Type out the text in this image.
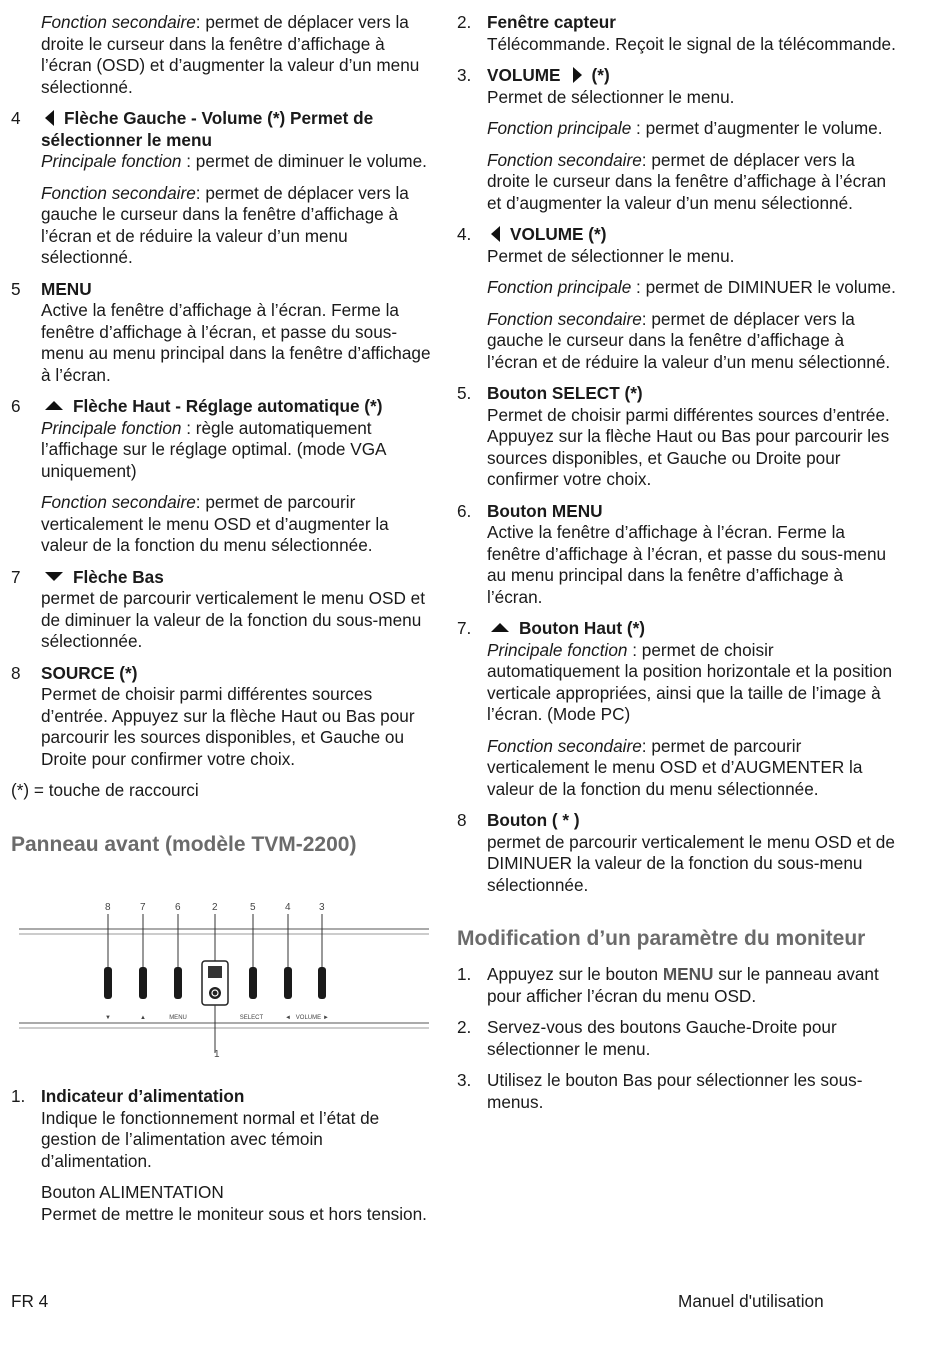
Fonction secondaire: permet de déplacer vers la droite le curseur dans la fenêtre d’affichage à l’écran (OSD) et d’augmenter la valeur d’un menu sélectionné.
4	Flèche Gauche - Volume (*) Permet de sélectionner le menu
Principale fonction : permet de diminuer le volume.
Fonction secondaire: permet de déplacer vers la gauche le curseur dans la fenêtre d’affichage à l’écran et de réduire la valeur d’un menu sélectionné.
5 MENU
Active la fenêtre d’affichage à l’écran. Ferme la fenêtre d’affichage à l’écran, et passe du sous-menu au menu principal dans la fenêtre d’affichage à l’écran.
6	Flèche Haut - Réglage automatique (*)
Principale fonction : règle automatiquement l’affichage sur le réglage optimal. (mode VGA uniquement)
Fonction secondaire: permet de parcourir verticalement le menu OSD et d’augmenter la valeur de la fonction du menu sélectionnée.
7	Flèche Bas
permet de parcourir verticalement le menu OSD et de diminuer la valeur de la fonction du sous-menu sélectionnée.
8 SOURCE (*)
Permet de choisir parmi différentes sources d’entrée. Appuyez sur la flèche Haut ou Bas pour parcourir les sources disponibles, et Gauche ou Droite pour confirmer votre choix.
(*) = touche de raccourci
Panneau avant (modèle TVM-2200)
8	7	6	2	5	4	3
▼	▲	MENU	SELECT	◄ VOLUME ►
1
1. Indicateur d’alimentation
Indique le fonctionnement normal et l’état de gestion de l’alimentation avec témoin d’alimentation.
Bouton ALIMENTATION
Permet de mettre le moniteur sous et hors tension.
2. Fenêtre capteur
Télécommande. Reçoit le signal de la télécommande.
3. VOLUME (*)
Permet de sélectionner le menu.
Fonction principale : permet d’augmenter le volume.
Fonction secondaire: permet de déplacer vers la droite le curseur dans la fenêtre d’affichage à l’écran et d’augmenter la valeur d’un menu sélectionné.
4. VOLUME (*)
Permet de sélectionner le menu.
Fonction principale : permet de DIMINUER le volume.
Fonction secondaire: permet de déplacer vers la gauche le curseur dans la fenêtre d’affichage à l’écran et de réduire la valeur d’un menu sélectionné.
5. Bouton SELECT (*)
Permet de choisir parmi différentes sources d’entrée. Appuyez sur la flèche Haut ou Bas pour parcourir les sources disponibles, et Gauche ou Droite pour confirmer votre choix.
6. Bouton MENU
Active la fenêtre d’affichage à l’écran. Ferme la fenêtre d’affichage à l’écran, et passe du sous-menu au menu principal dans la fenêtre d’affichage à l’écran.
7.	Bouton Haut (*)
Principale fonction : permet de choisir automatiquement la position horizontale et la position verticale appropriées, ainsi que la taille de l’image à l’écran. (Mode PC)
Fonction secondaire: permet de parcourir verticalement le menu OSD et d’AUGMENTER la valeur de la fonction du menu sélectionnée.
8 Bouton ( * )
permet de parcourir verticalement le menu OSD et de DIMINUER la valeur de la fonction du sous-menu sélectionnée.
Modification d’un paramètre du moniteur
1. Appuyez sur le bouton MENU sur le panneau avant pour afficher l’écran du menu OSD.
2. Servez-vous des boutons Gauche-Droite pour sélectionner le menu.
3. Utilisez le bouton Bas pour sélectionner les sous-menus.
FR 4	Manuel d'utilisation
